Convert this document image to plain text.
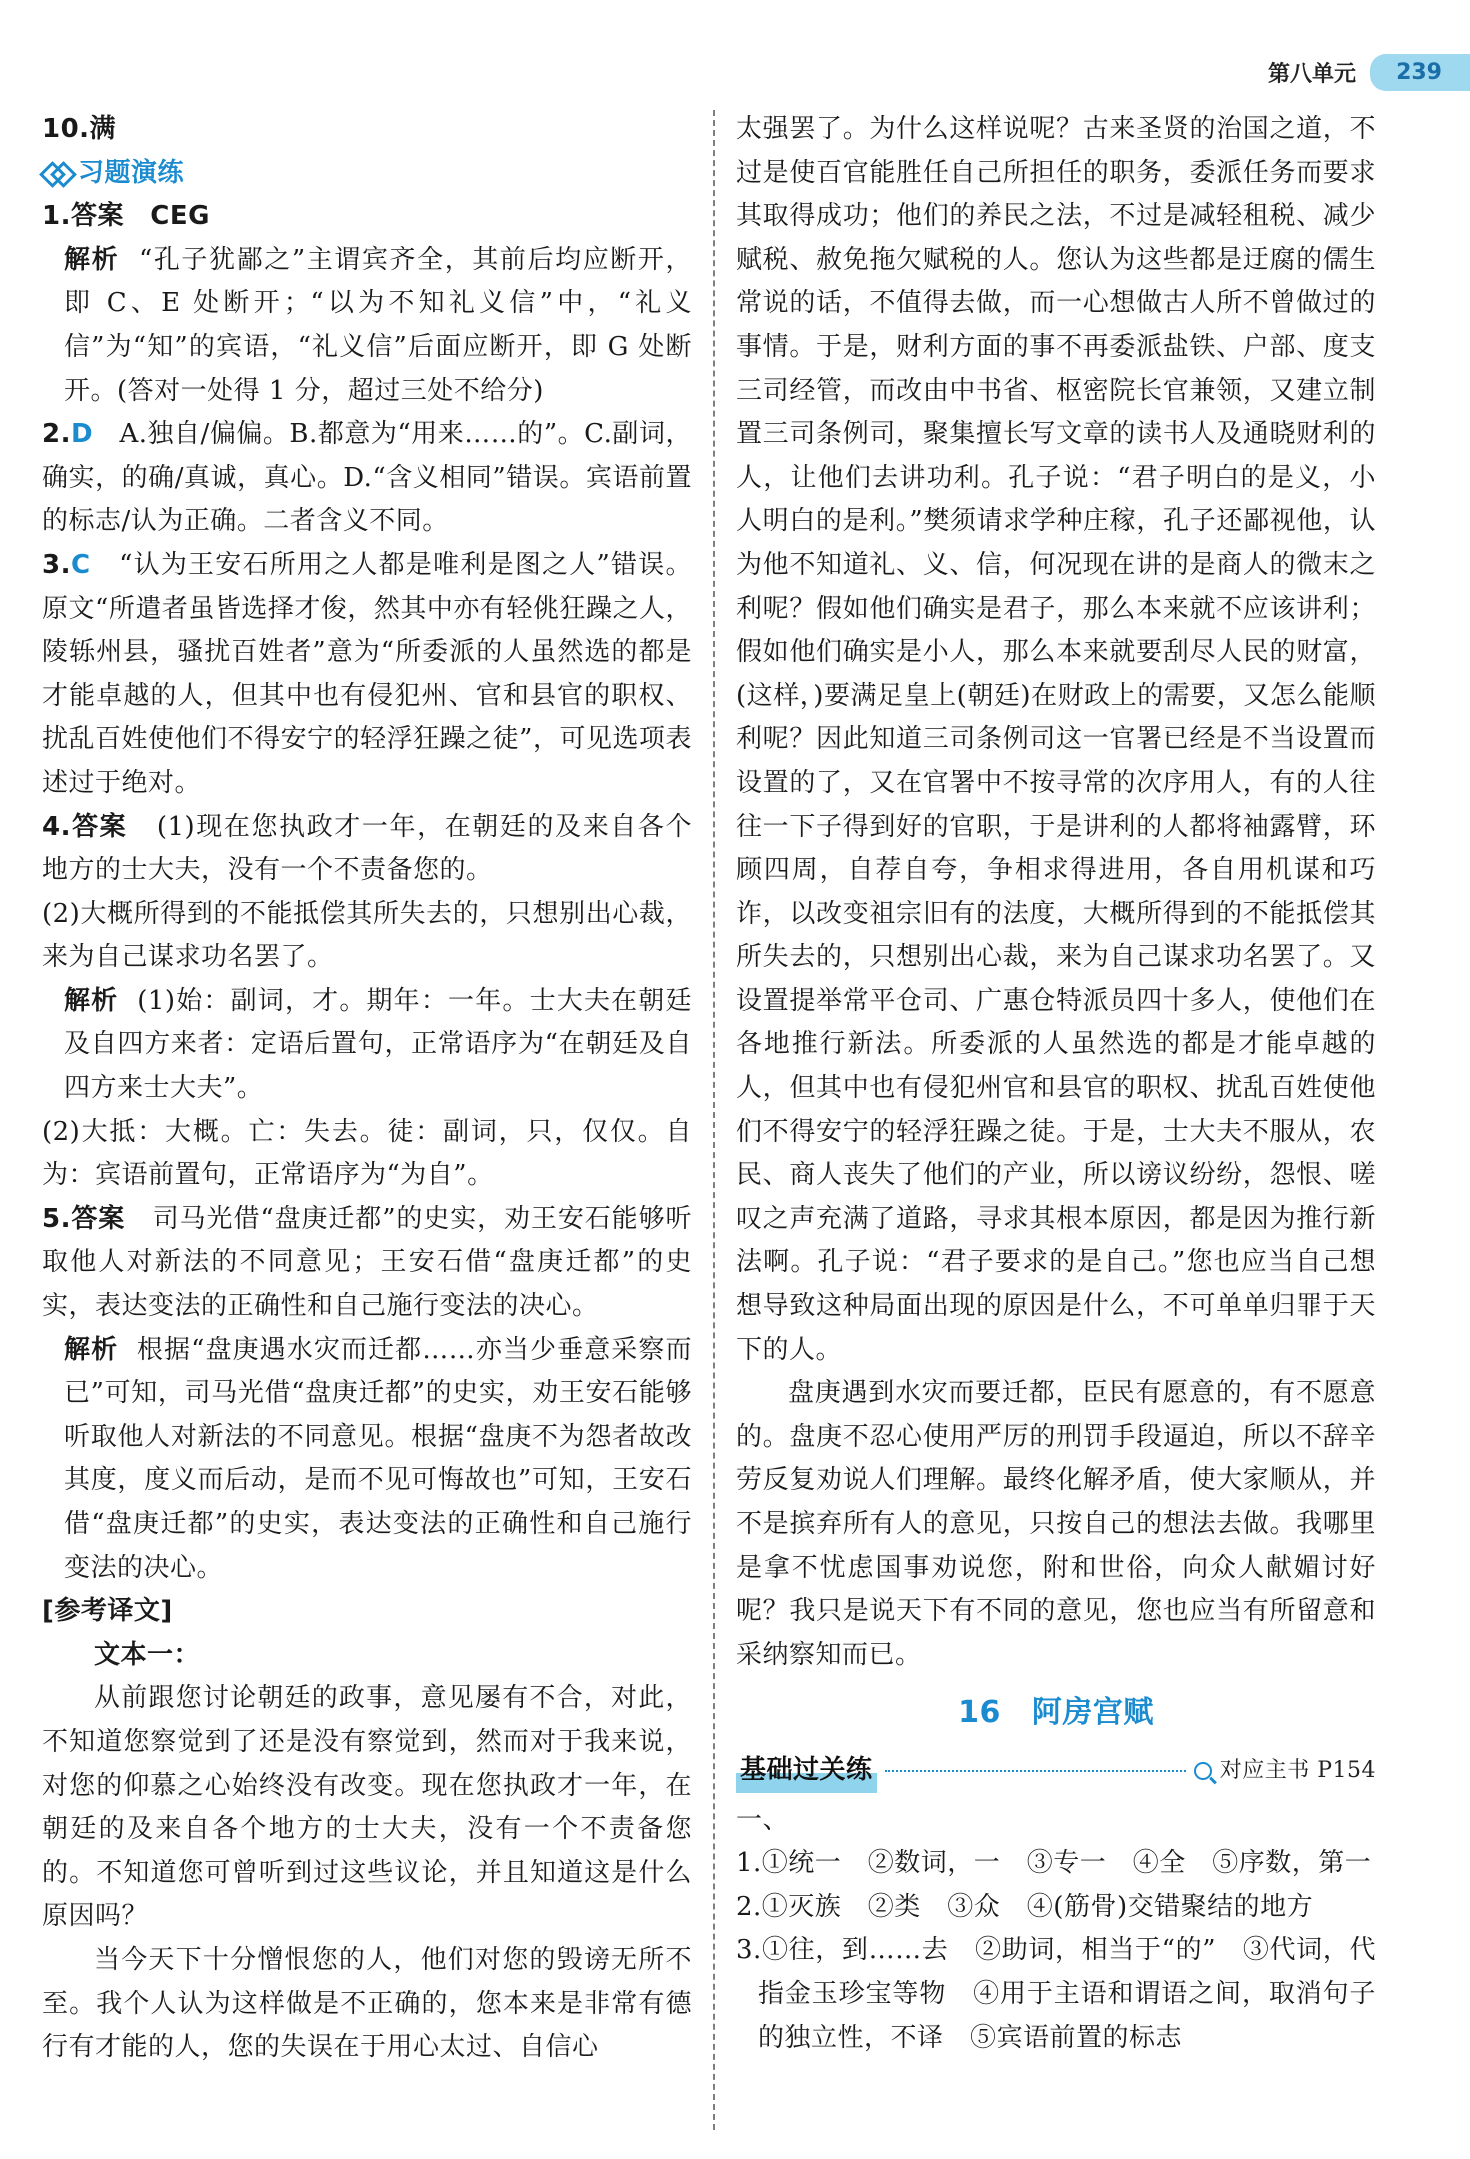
第八单元	239

10.满

习题演练

1.答案 CEG

解析 “孔子犹鄙之”主谓宾齐全，其前后均应断开，即 C、E 处断开；“以为不知礼义信”中，“礼义信”为“知”的宾语，“礼义信”后面应断开，即 G 处断开。(答对一处得 1 分，超过三处不给分)

2.D A.独自/偏偏。B.都意为“用来……的”。C.副词，确实，的确/真诚，真心。D.“含义相同”错误。宾语前置的标志/认为正确。二者含义不同。

3.C “认为王安石所用之人都是唯利是图之人”错误。原文“所遣者虽皆选择才俊，然其中亦有轻佻狂躁之人，陵轹州县，骚扰百姓者”意为“所委派的人虽然选的都是才能卓越的人，但其中也有侵犯州、官和县官的职权、扰乱百姓使他们不得安宁的轻浮狂躁之徒”，可见选项表述过于绝对。

4.答案 (1)现在您执政才一年，在朝廷的及来自各个地方的士大夫，没有一个不责备您的。

(2)大概所得到的不能抵偿其所失去的，只想别出心裁，来为自己谋求功名罢了。

解析 (1)始：副词，才。期年：一年。士大夫在朝廷及自四方来者：定语后置句，正常语序为“在朝廷及自四方来士大夫”。

(2)大抵：大概。亡：失去。徒：副词，只，仅仅。自为：宾语前置句，正常语序为“为自”。

5.答案 司马光借“盘庚迁都”的史实，劝王安石能够听取他人对新法的不同意见；王安石借“盘庚迁都”的史实，表达变法的正确性和自己施行变法的决心。

解析 根据“盘庚遇水灾而迁都……亦当少垂意采察而已”可知，司马光借“盘庚迁都”的史实，劝王安石能够听取他人对新法的不同意见。根据“盘庚不为怨者故改其度，度义而后动，是而不见可悔故也”可知，王安石借“盘庚迁都”的史实，表达变法的正确性和自己施行变法的决心。

[参考译文]

文本一：

从前跟您讨论朝廷的政事，意见屡有不合，对此，不知道您察觉到了还是没有察觉到，然而对于我来说，对您的仰慕之心始终没有改变。现在您执政才一年，在朝廷的及来自各个地方的士大夫，没有一个不责备您的。不知道您可曾听到过这些议论，并且知道这是什么原因吗？

当今天下十分憎恨您的人，他们对您的毁谤无所不至。我个人认为这样做是不正确的，您本来是非常有德行有才能的人，您的失误在于用心太过、自信心

太强罢了。为什么这样说呢？古来圣贤的治国之道，不过是使百官能胜任自己所担任的职务，委派任务而要求其取得成功；他们的养民之法，不过是减轻租税、减少赋税、赦免拖欠赋税的人。您认为这些都是迂腐的儒生常说的话，不值得去做，而一心想做古人所不曾做过的事情。于是，财利方面的事不再委派盐铁、户部、度支三司经管，而改由中书省、枢密院长官兼领，又建立制置三司条例司，聚集擅长写文章的读书人及通晓财利的人，让他们去讲功利。孔子说：“君子明白的是义，小人明白的是利。”樊须请求学种庄稼，孔子还鄙视他，认为他不知道礼、义、信，何况现在讲的是商人的微末之利呢？假如他们确实是君子，那么本来就不应该讲利；假如他们确实是小人，那么本来就要刮尽人民的财富，(这样，)要满足皇上(朝廷)在财政上的需要，又怎么能顺利呢？因此知道三司条例司这一官署已经是不当设置而设置的了，又在官署中不按寻常的次序用人，有的人往往一下子得到好的官职，于是讲利的人都将袖露臂，环顾四周，自荐自夸，争相求得进用，各自用机谋和巧诈，以改变祖宗旧有的法度，大概所得到的不能抵偿其所失去的，只想别出心裁，来为自己谋求功名罢了。又设置提举常平仓司、广惠仓特派员四十多人，使他们在各地推行新法。所委派的人虽然选的都是才能卓越的人，但其中也有侵犯州官和县官的职权、扰乱百姓使他们不得安宁的轻浮狂躁之徒。于是，士大夫不服从，农民、商人丧失了他们的产业，所以谤议纷纷，怨恨、嗟叹之声充满了道路，寻求其根本原因，都是因为推行新法啊。孔子说：“君子要求的是自己。”您也应当自己想想导致这种局面出现的原因是什么，不可单单归罪于天下的人。

盘庚遇到水灾而要迁都，臣民有愿意的，有不愿意的。盘庚不忍心使用严厉的刑罚手段逼迫，所以不辞辛劳反复劝说人们理解。最终化解矛盾，使大家顺从，并不是摈弃所有人的意见，只按自己的想法去做。我哪里是拿不忧虑国事劝说您，附和世俗，向众人献媚讨好呢？我只是说天下有不同的意见，您也应当有所留意和采纳察知而已。

16 阿房宫赋
基础过关练	对应主书 P154

一、

1.①统一　②数词，一　③专一　④全　⑤序数，第一

2.①灭族　②类　③众　④(筋骨)交错聚结的地方

3.①往，到……去　②助词，相当于“的”　③代词，代指金玉珍宝等物　④用于主语和谓语之间，取消句子的独立性，不译　⑤宾语前置的标志
